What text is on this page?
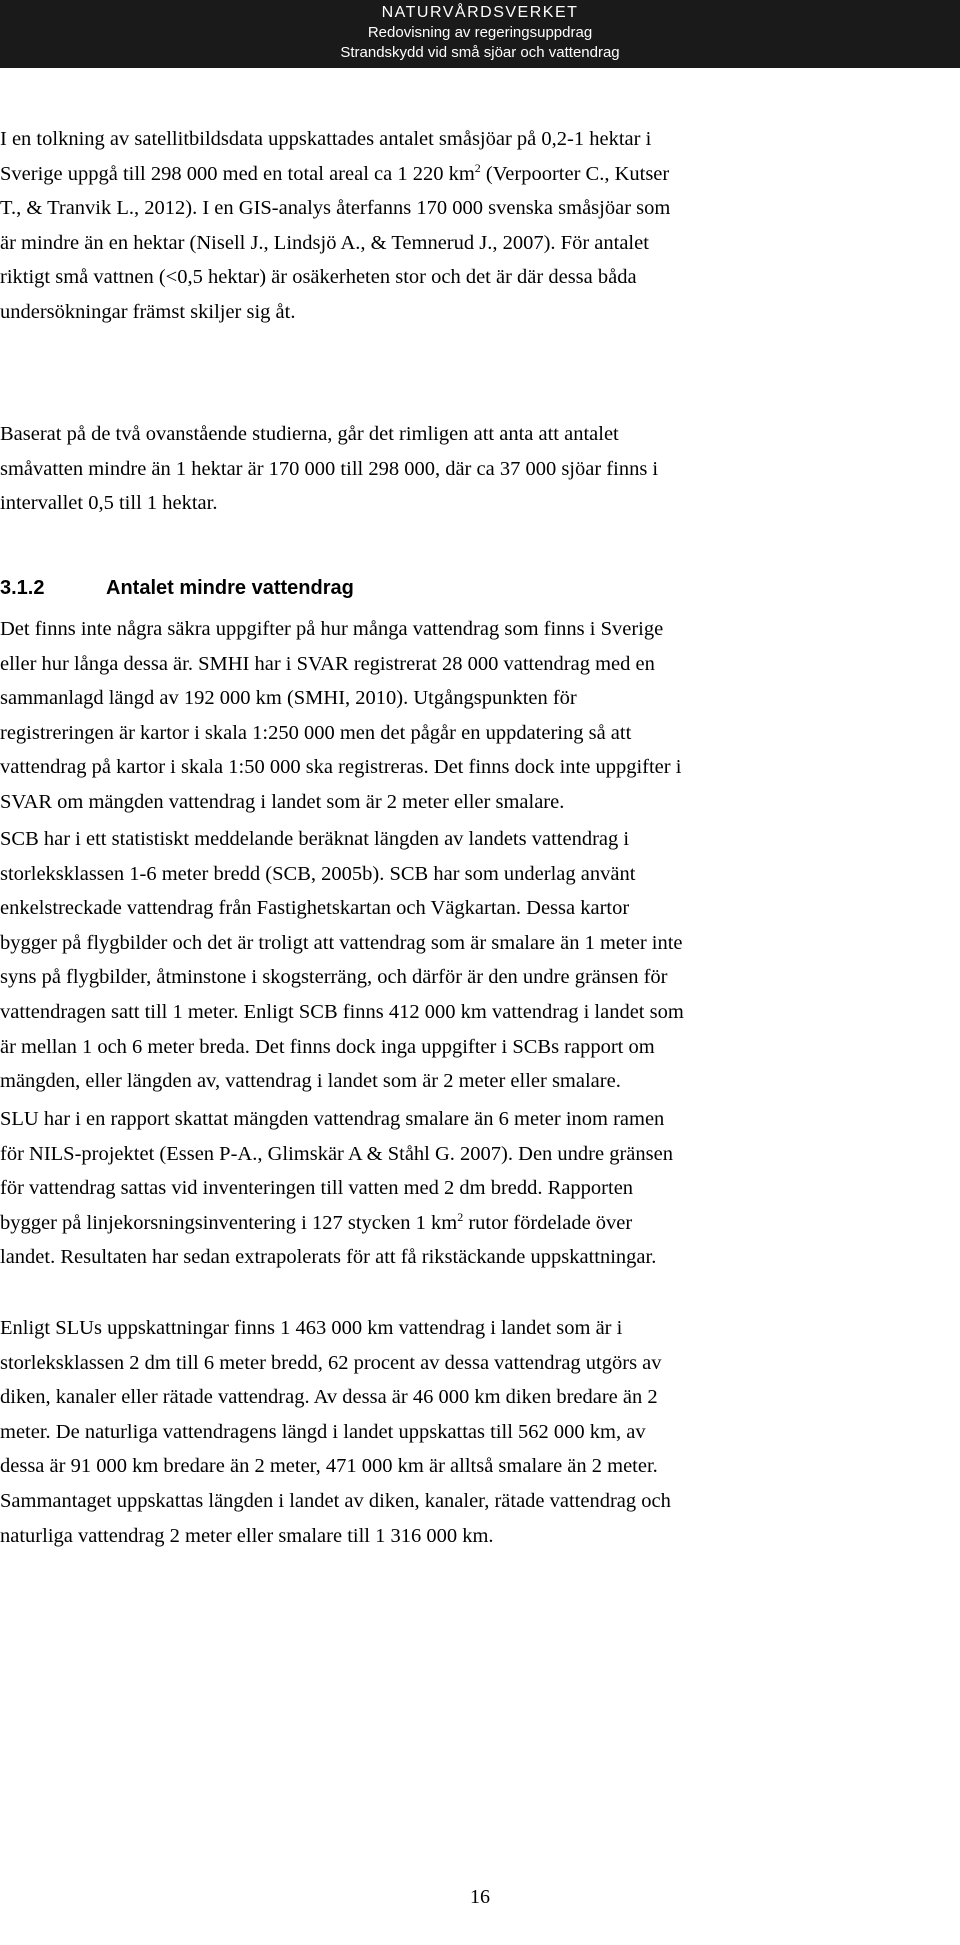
NATURVÅRDSVERKET
Redovisning av regeringsuppdrag
Strandskydd vid små sjöar och vattendrag

I en tolkning av satellitbildsdata uppskattades antalet småsjöar på 0,2-1 hektar i
Sverige uppgå till 298 000 med en total areal ca 1 220 $km^2$ (Verpoorter C., Kutser
T., & Tranvik L., 2012). I en GIS-analys återfanns 170 000 svenska småsjöar som
är mindre än en hektar (Nisell J., Lindsjö A., & Temnerud J., 2007). För antalet
riktigt små vattnen (<0,5 hektar) är osäkerheten stor och det är där dessa båda
undersökningar främst skiljer sig åt.

Baserat på de två ovanstående studierna, går det rimligen att anta att antalet
småvatten mindre än 1 hektar är 170 000 till 298 000, där ca 37 000 sjöar finns i
intervallet 0,5 till 1 hektar.

3.1.2	Antalet mindre vattendrag

Det finns inte några säkra uppgifter på hur många vattendrag som finns i Sverige
eller hur långa dessa är. SMHI har i SVAR registrerat 28 000 vattendrag med en
sammanlagd längd av 192 000 km (SMHI, 2010). Utgångspunkten för
registreringen är kartor i skala 1:250 000 men det pågår en uppdatering så att
vattendrag på kartor i skala 1:50 000 ska registreras. Det finns dock inte uppgifter i
SVAR om mängden vattendrag i landet som är 2 meter eller smalare.

SCB har i ett statistiskt meddelande beräknat längden av landets vattendrag i
storleksklassen 1-6 meter bredd (SCB, 2005b). SCB har som underlag använt
enkelstreckade vattendrag från Fastighetskartan och Vägkartan. Dessa kartor
bygger på flygbilder och det är troligt att vattendrag som är smalare än 1 meter inte
syns på flygbilder, åtminstone i skogsterräng, och därför är den undre gränsen för
vattendragen satt till 1 meter. Enligt SCB finns 412 000 km vattendrag i landet som
är mellan 1 och 6 meter breda. Det finns dock inga uppgifter i SCBs rapport om
mängden, eller längden av, vattendrag i landet som är 2 meter eller smalare.

SLU har i en rapport skattat mängden vattendrag smalare än 6 meter inom ramen
för NILS-projektet (Essen P-A., Glimskär A & Ståhl G. 2007). Den undre gränsen
för vattendrag sattas vid inventeringen till vatten med 2 dm bredd. Rapporten
bygger på linjekorsningsinventering i 127 stycken 1 $km^2$ rutor fördelade över
landet. Resultaten har sedan extrapolerats för att få rikstäckande uppskattningar.

Enligt SLUs uppskattningar finns 1 463 000 km vattendrag i landet som är i
storleksklassen 2 dm till 6 meter bredd, 62 procent av dessa vattendrag utgörs av
diken, kanaler eller rätade vattendrag. Av dessa är 46 000 km diken bredare än 2
meter. De naturliga vattendragens längd i landet uppskattas till 562 000 km, av
dessa är 91 000 km bredare än 2 meter, 471 000 km är alltså smalare än 2 meter.
Sammantaget uppskattas längden i landet av diken, kanaler, rätade vattendrag och
naturliga vattendrag 2 meter eller smalare till 1 316 000 km.

16
